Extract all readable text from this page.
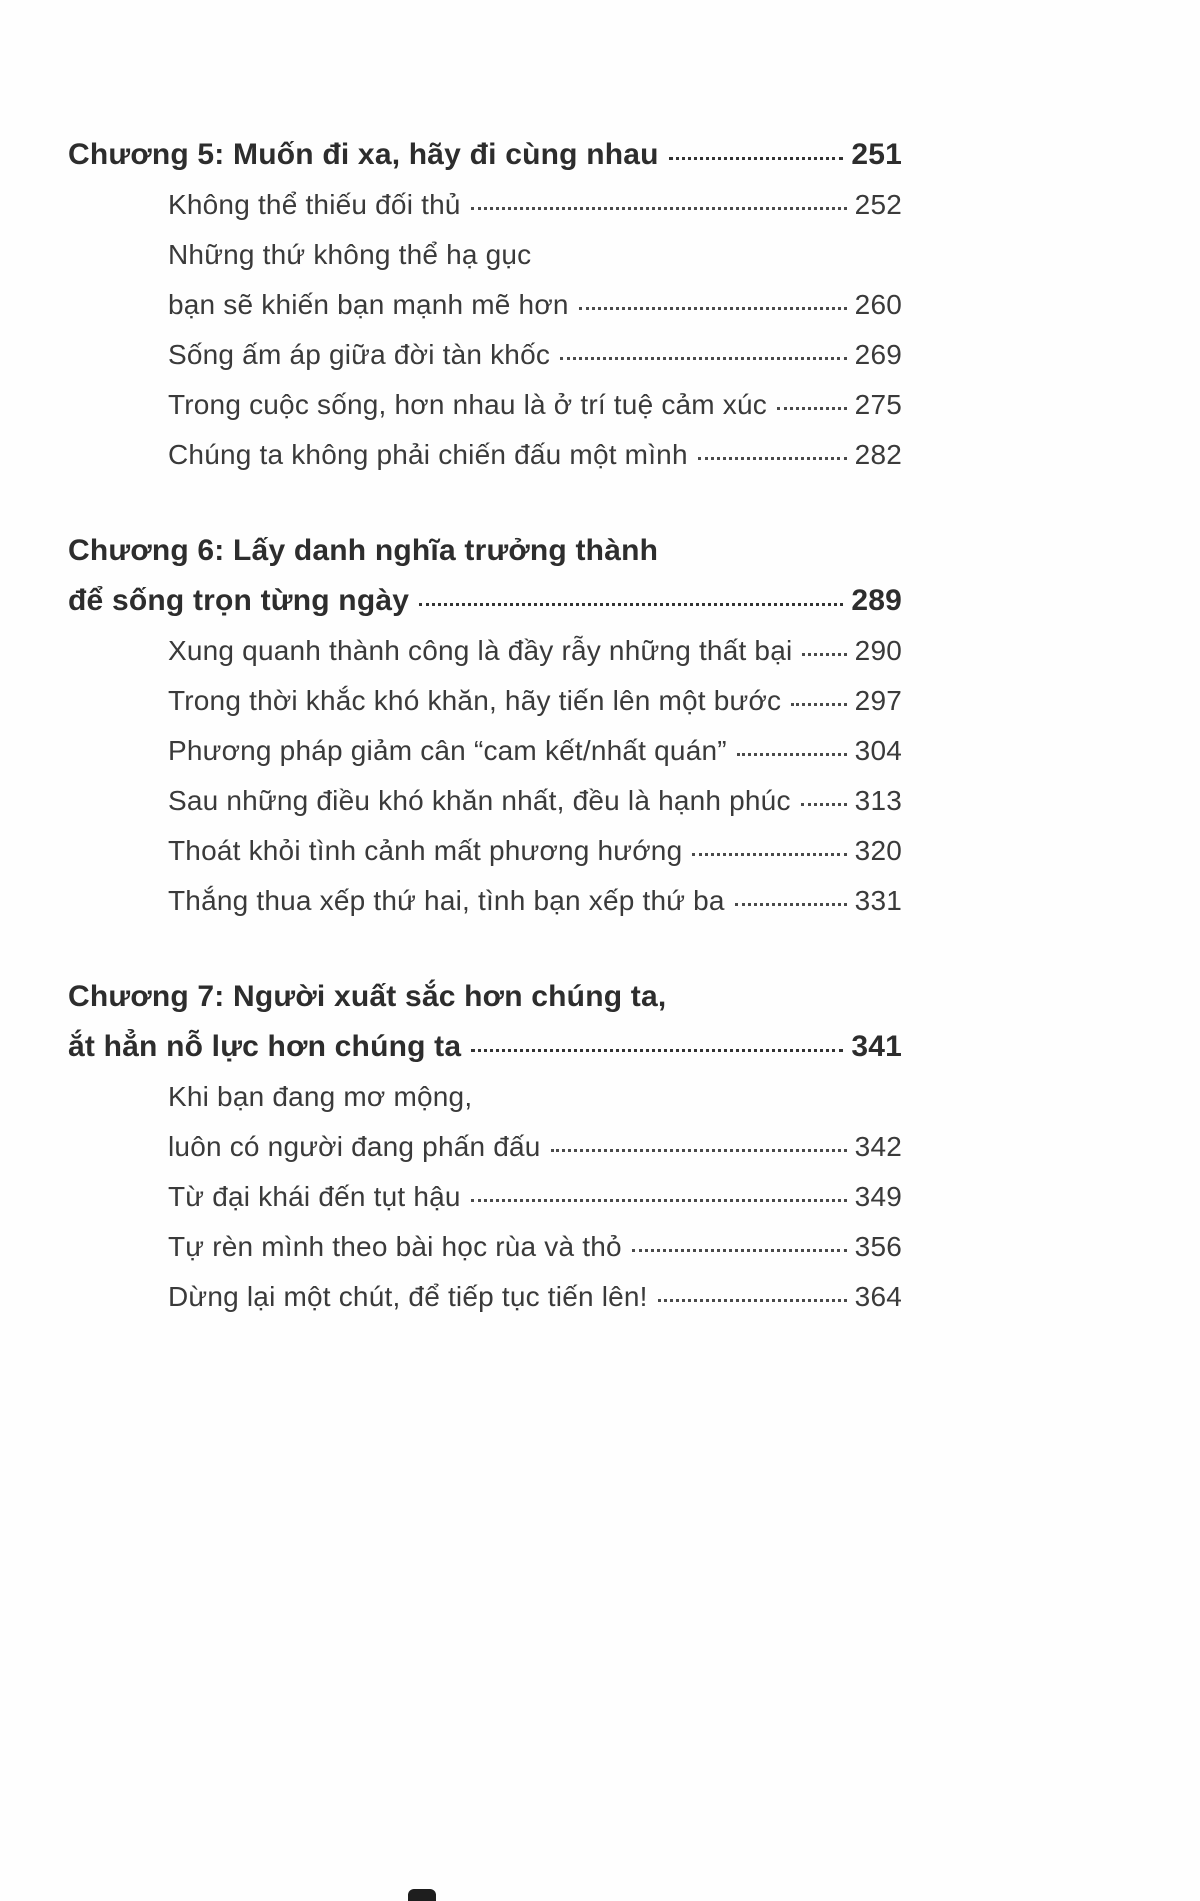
Chương 5: Muốn đi xa, hãy đi cùng nhau	251
Không thể thiếu đối thủ	252
Những thứ không thể hạ gục
bạn sẽ khiến bạn mạnh mẽ hơn	260
Sống ấm áp giữa đời tàn khốc	269
Trong cuộc sống, hơn nhau là ở trí tuệ cảm xúc	275
Chúng ta không phải chiến đấu một mình	282
Chương 6: Lấy danh nghĩa trưởng thành
để sống trọn từng ngày	289
Xung quanh thành công là đầy rẫy những thất bại 290
Trong thời khắc khó khăn, hãy tiến lên một bước	297
Phương pháp giảm cân “cam kết/nhất quán”	304
Sau những điều khó khăn nhất, đều là hạnh phúc 313
Thoát khỏi tình cảnh mất phương hướng	320
Thắng thua xếp thứ hai, tình bạn xếp thứ ba	331
Chương 7: Người xuất sắc hơn chúng ta,
ắt hẳn nỗ lực hơn chúng ta	341
Khi bạn đang mơ mộng,
luôn có người đang phấn đấu	342
Từ đại khái đến tụt hậu	349
Tự rèn mình theo bài học rùa và thỏ	356
Dừng lại một chút, để tiếp tục tiến lên!	364
